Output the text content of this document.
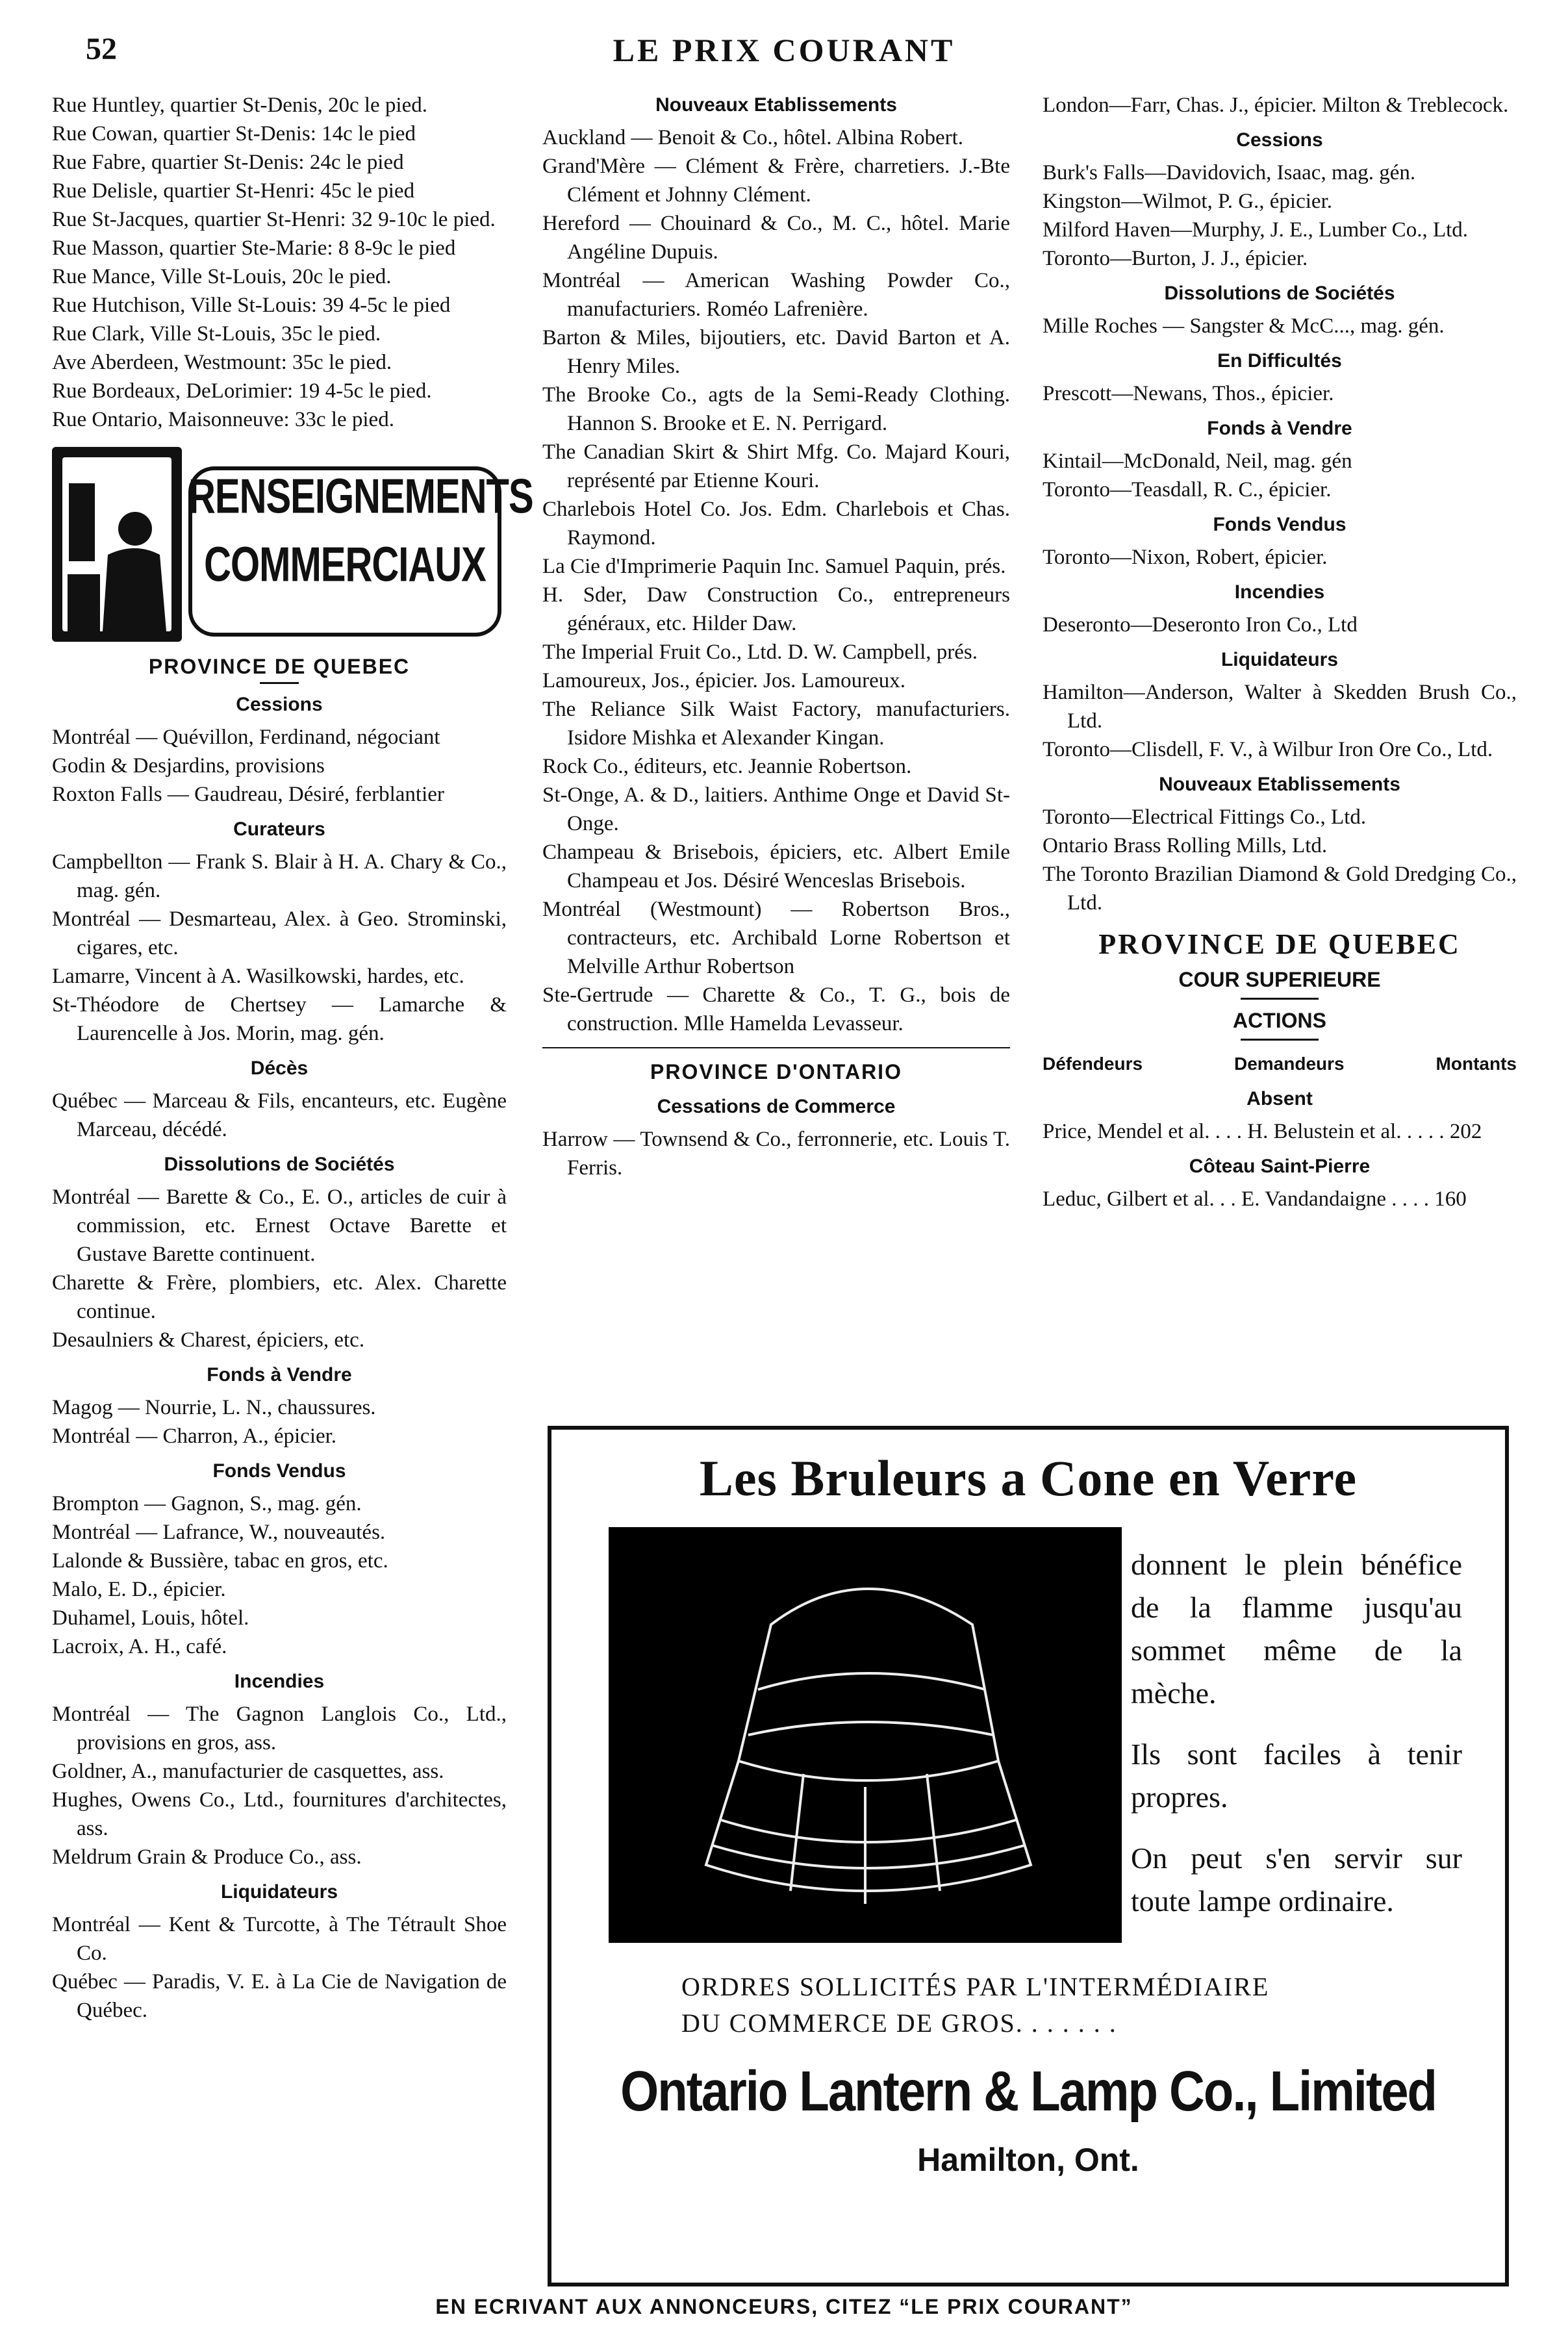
52	LE PRIX COURANT

Rue Huntley, quartier St-Denis, 20c le pied.

Rue Cowan, quartier St-Denis: 14c le pied

Rue Fabre, quartier St-Denis: 24c le pied

Rue Delisle, quartier St-Henri: 45c le pied

Rue St-Jacques, quartier St-Henri: 32 9-10c le pied.

Rue Masson, quartier Ste-Marie: 8 8-9c le pied

Rue Mance, Ville St-Louis, 20c le pied.

Rue Hutchison, Ville St-Louis: 39 4-5c le pied

Rue Clark, Ville St-Louis, 35c le pied.

Ave Aberdeen, Westmount: 35c le pied.

Rue Bordeaux, DeLorimier: 19 4-5c le pied.

Rue Ontario, Maisonneuve: 33c le pied.

RENSEIGNEMENTS
COMMERCIAUX
PROVINCE DE QUEBEC
Cessions

Montréal — Quévillon, Ferdinand, négociant

Godin & Desjardins, provisions

Roxton Falls — Gaudreau, Désiré, ferblantier

Curateurs

Campbellton — Frank S. Blair à H. A. Chary & Co., mag. gén.

Montréal — Desmarteau, Alex. à Geo. Strominski, cigares, etc.

Lamarre, Vincent à A. Wasilkowski, hardes, etc.

St-Théodore de Chertsey — Lamarche & Laurencelle à Jos. Morin, mag. gén.

Décès

Québec — Marceau & Fils, encanteurs, etc. Eugène Marceau, décédé.

Dissolutions de Sociétés

Montréal — Barette & Co., E. O., articles de cuir à commission, etc. Ernest Octave Barette et Gustave Barette continuent.

Charette & Frère, plombiers, etc. Alex. Charette continue.

Desaulniers & Charest, épiciers, etc.

Fonds à Vendre

Magog — Nourrie, L. N., chaussures.

Montréal — Charron, A., épicier.

Fonds Vendus

Brompton — Gagnon, S., mag. gén.

Montréal — Lafrance, W., nouveautés.

Lalonde & Bussière, tabac en gros, etc.

Malo, E. D., épicier.

Duhamel, Louis, hôtel.

Lacroix, A. H., café.

Incendies

Montréal — The Gagnon Langlois Co., Ltd., provisions en gros, ass.

Goldner, A., manufacturier de casquettes, ass.

Hughes, Owens Co., Ltd., fournitures d'architectes, ass.

Meldrum Grain & Produce Co., ass.

Liquidateurs

Montréal — Kent & Turcotte, à The Tétrault Shoe Co.

Québec — Paradis, V. E. à La Cie de Navigation de Québec.

Nouveaux Etablissements

Auckland — Benoit & Co., hôtel. Albina Robert.

Grand'Mère — Clément & Frère, charretiers. J.-Bte Clément et Johnny Clément.

Hereford — Chouinard & Co., M. C., hôtel. Marie Angéline Dupuis.

Montréal — American Washing Powder Co., manufacturiers. Roméo Lafrenière.

Barton & Miles, bijoutiers, etc. David Barton et A. Henry Miles.

The Brooke Co., agts de la Semi-Ready Clothing. Hannon S. Brooke et E. N. Perrigard.

The Canadian Skirt & Shirt Mfg. Co. Majard Kouri, représenté par Etienne Kouri.

Charlebois Hotel Co. Jos. Edm. Charlebois et Chas. Raymond.

La Cie d'Imprimerie Paquin Inc. Samuel Paquin, prés.

H. Sder, Daw Construction Co., entrepreneurs généraux, etc. Hilder Daw.

The Imperial Fruit Co., Ltd. D. W. Campbell, prés.

Lamoureux, Jos., épicier. Jos. Lamoureux.

The Reliance Silk Waist Factory, manufacturiers. Isidore Mishka et Alexander Kingan.

Rock Co., éditeurs, etc. Jeannie Robertson.

St-Onge, A. & D., laitiers. Anthime Onge et David St-Onge.

Champeau & Brisebois, épiciers, etc. Albert Emile Champeau et Jos. Désiré Wenceslas Brisebois.

Montréal (Westmount) — Robertson Bros., contracteurs, etc. Archibald Lorne Robertson et Melville Arthur Robertson

Ste-Gertrude — Charette & Co., T. G., bois de construction. Mlle Hamelda Levasseur.

PROVINCE D'ONTARIO
Cessations de Commerce

Harrow — Townsend & Co., ferronnerie, etc. Louis T. Ferris.

London—Farr, Chas. J., épicier. Milton & Treblecock.

Cessions

Burk's Falls—Davidovich, Isaac, mag. gén.

Kingston—Wilmot, P. G., épicier.

Milford Haven—Murphy, J. E., Lumber Co., Ltd.

Toronto—Burton, J. J., épicier.

Dissolutions de Sociétés

Mille Roches — Sangster & McC..., mag. gén.

En Difficultés

Prescott—Newans, Thos., épicier.

Fonds à Vendre

Kintail—McDonald, Neil, mag. gén

Toronto—Teasdall, R. C., épicier.

Fonds Vendus

Toronto—Nixon, Robert, épicier.

Incendies

Deseronto—Deseronto Iron Co., Ltd

Liquidateurs

Hamilton—Anderson, Walter à Skedden Brush Co., Ltd.

Toronto—Clisdell, F. V., à Wilbur Iron Ore Co., Ltd.

Nouveaux Etablissements

Toronto—Electrical Fittings Co., Ltd.

Ontario Brass Rolling Mills, Ltd.

The Toronto Brazilian Diamond & Gold Dredging Co., Ltd.

PROVINCE DE QUEBEC
COUR SUPERIEURE
ACTIONS
Défendeurs	Demandeurs	Montants
Absent

Price, Mendel et al. . . . H. Belustein et al. . . . . 202

Côteau Saint-Pierre

Leduc, Gilbert et al. . . E. Vandandaigne . . . . 160

Les Bruleurs a Cone en Verre

donnent le plein bénéfice de la flamme jusqu'au sommet même de la mèche.

Ils sont faciles à tenir propres.

On peut s'en servir sur toute lampe ordinaire.

ORDRES SOLLICITÉS PAR L'INTERMÉDIAIRE
DU COMMERCE DE GROS. . . . . . .
Ontario Lantern & Lamp Co., Limited
Hamilton, Ont.
EN ECRIVANT AUX ANNONCEURS, CITEZ “LE PRIX COURANT”
